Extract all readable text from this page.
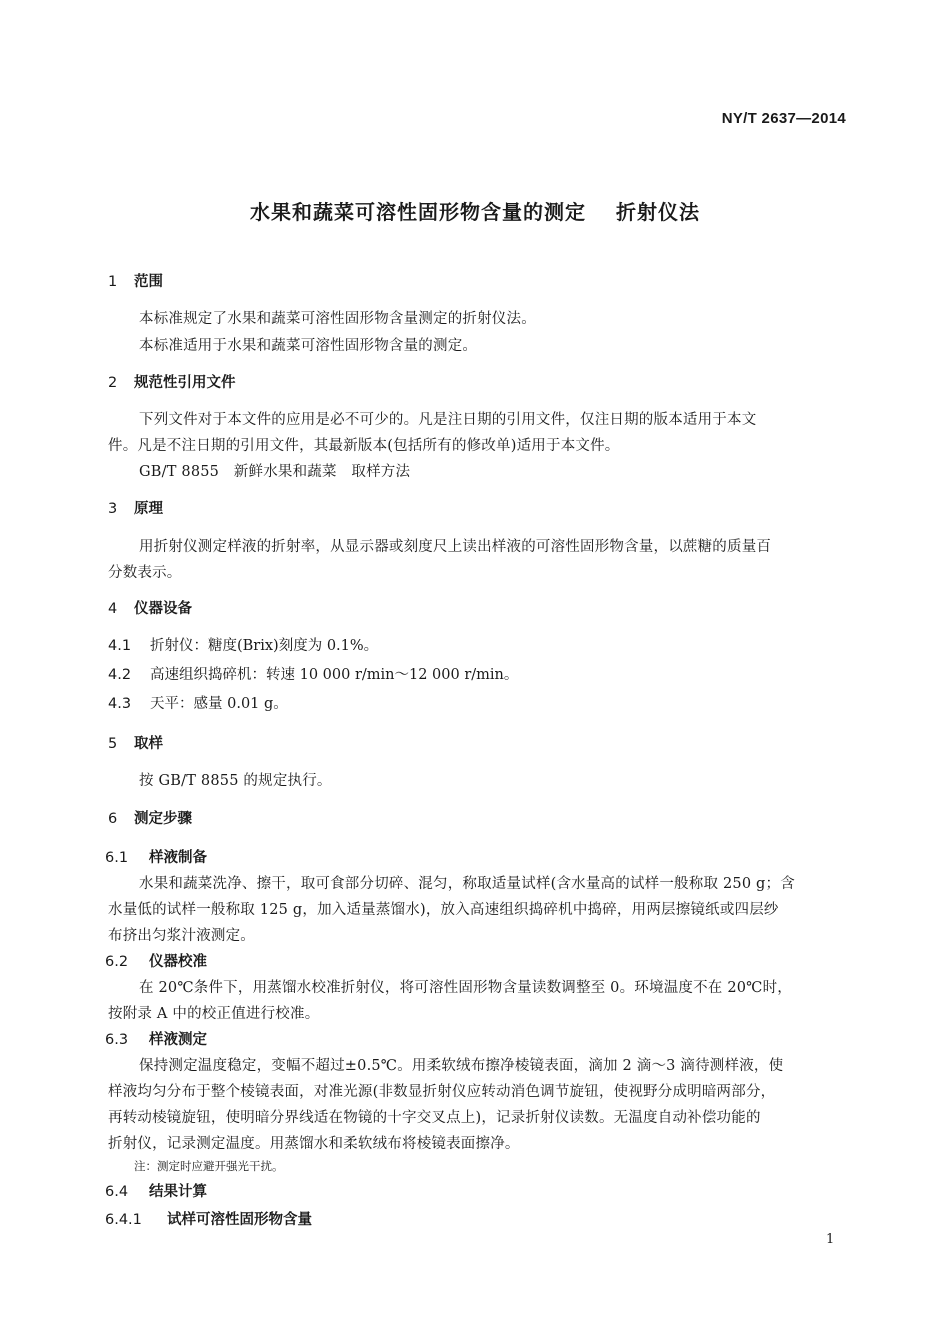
NY/T 2637—2014
水果和蔬菜可溶性固形物含量的测定 折射仪法
1 范围
本标准规定了水果和蔬菜可溶性固形物含量测定的折射仪法。
本标准适用于水果和蔬菜可溶性固形物含量的测定。
2 规范性引用文件
下列文件对于本文件的应用是必不可少的。凡是注日期的引用文件，仅注日期的版本适用于本文
件。凡是不注日期的引用文件，其最新版本(包括所有的修改单)适用于本文件。
GB/T 8855　新鲜水果和蔬菜　取样方法
3 原理
用折射仪测定样液的折射率，从显示器或刻度尺上读出样液的可溶性固形物含量，以蔗糖的质量百
分数表示。
4 仪器设备
4.1 折射仪：糖度(Brix)刻度为 0.1%。
4.2 高速组织捣碎机：转速 10 000 r/min～12 000 r/min。
4.3 天平：感量 0.01 g。
5 取样
按 GB/T 8855 的规定执行。
6 测定步骤
6.1 样液制备
水果和蔬菜洗净、擦干，取可食部分切碎、混匀，称取适量试样(含水量高的试样一般称取 250 g；含
水量低的试样一般称取 125 g，加入适量蒸馏水)，放入高速组织捣碎机中捣碎，用两层擦镜纸或四层纱
布挤出匀浆汁液测定。
6.2 仪器校准
在 20℃条件下，用蒸馏水校准折射仪，将可溶性固形物含量读数调整至 0。环境温度不在 20℃时，
按附录 A 中的校正值进行校准。
6.3 样液测定
保持测定温度稳定，变幅不超过±0.5℃。用柔软绒布擦净棱镜表面，滴加 2 滴～3 滴待测样液，使
样液均匀分布于整个棱镜表面，对准光源(非数显折射仪应转动消色调节旋钮，使视野分成明暗两部分，
再转动棱镜旋钮，使明暗分界线适在物镜的十字交叉点上)，记录折射仪读数。无温度自动补偿功能的
折射仪，记录测定温度。用蒸馏水和柔软绒布将棱镜表面擦净。
注：测定时应避开强光干扰。
6.4 结果计算
6.4.1 试样可溶性固形物含量
1
